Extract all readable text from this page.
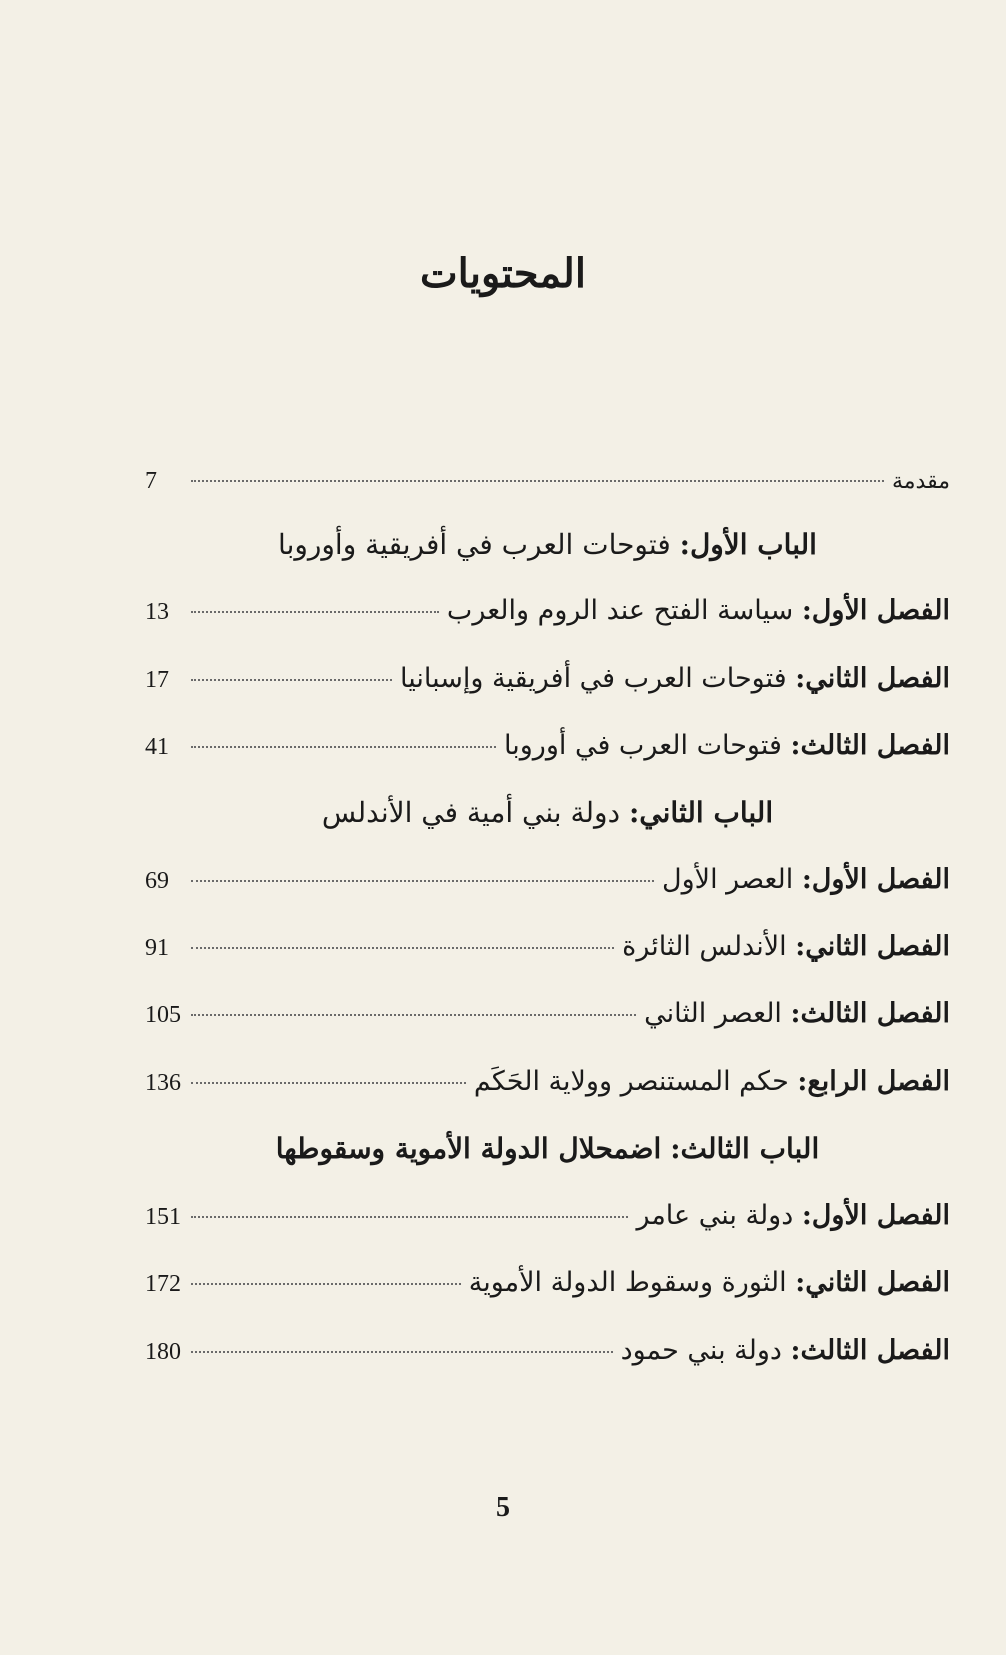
المحتويات
مقدمة
7
الباب الأول: فتوحات العرب في أفريقية وأوروبا
الفصل الأول: سياسة الفتح عند الروم والعرب
13
الفصل الثاني: فتوحات العرب في أفريقية وإسبانيا
17
الفصل الثالث: فتوحات العرب في أوروبا
41
الباب الثاني: دولة بني أمية في الأندلس
الفصل الأول: العصر الأول
69
الفصل الثاني: الأندلس الثائرة
91
الفصل الثالث: العصر الثاني
105
الفصل الرابع: حكم المستنصر وولاية الحَكَم
136
الباب الثالث: اضمحلال الدولة الأموية وسقوطها
الفصل الأول: دولة بني عامر
151
الفصل الثاني: الثورة وسقوط الدولة الأموية
172
الفصل الثالث: دولة بني حمود
180
5
